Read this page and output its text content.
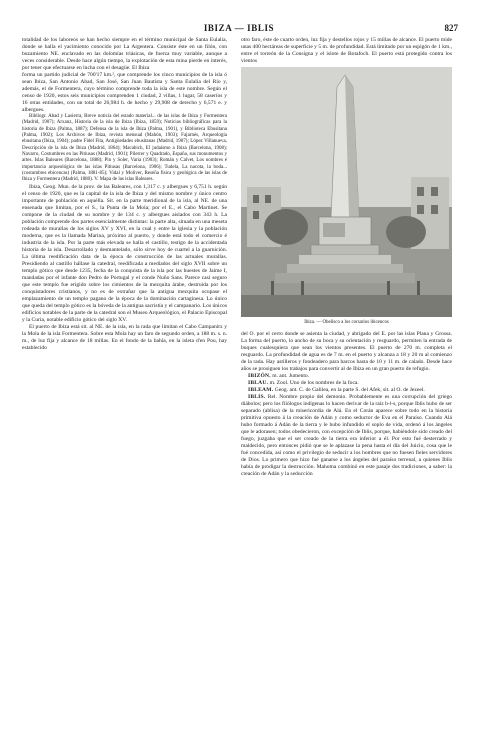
IBIZA — IBLIS	827

totalidad de los laboreos se han hecho siempre en el término municipal de Santa Eulalia, donde se halla el yacimiento conocido por La Argentera. Consiste éste en un filón, con buzamiento NE. enclavado en las dolomías triásicas, de fuerza muy variable, aunque a veces considerable. Desde hace algún tiempo, la explotación de esta mina pierde en interés, por tener que efectuarse en lucha con el desagüe. El Ibiza

forma un partido judicial de 700'17 km.², que comprende los cinco municipios de la isla ó sean Ibiza, San Antonio Abad, San José, San Juan Bautista y Santa Eulalia del Río y, además, el de Formentera, cuyo término comprende toda la isla de este nombre. Según el censo de 1920, estos seis municipios comprenden 1 ciudad, 2 villas, 1 lugar, 58 caseríos y 16 otras entidades, con un total de 26,984 h. de hecho y 29,908 de derecho y 6,571 e. y albergues.

Bibliogr. Abad y Lasierra, Breve noticia del estado material... de las islas de Ibiza y Formentera (Madrid, 1907); Arxanz, Historia de la isla de Ibiza (Ibiza, 1859); Noticias bibliográficas para la historia de Ibiza (Palma, 1887); Defensa de la isla de Ibiza (Palma, 1901), y Biblioteca Ebusitana (Palma, 1902); Los Archivos de Ibiza, revista mensual (Mahón, 1903); Fajarnés, Arqueología ebusitana (Ibiza, 1904); padre Fidel Fita, Antigüedades ebusitanas (Madrid, 1907); López Villanueva, Descripción de la isla de Ibiza (Madrid, 1864); Macabich, El judaísmo a Ibiza (Barcelona, 1908); Navarro, Costumbres en las Pitiusas (Madrid, 1901); Pilerrer y Quadrado, España, sus monumentos y artes. Islas Baleares (Barcelona, 1888); Pin y Soler, Varia (1903); Román y Calvet, Los nombres é importancia arqueológica de las islas Pitiusas (Barcelona, 1906); Tudela, La nacota, la boda... (costumbres ebicencas) (Palma, 1881-85); Vidal y Moliver, Reseña física y geológica de las islas de Ibiza y Formentera (Madrid, 1880). V. Mapa de las islas Baleares.

Ibiza, Geog. Mun. de la prov. de las Baleares, con 1,317 c. y albergues y 6,751 h. según el censo de 1920, que es la capital de la isla de Ibiza y del mismo nombre y único centro importante de población en aquélla. Sit. en la parte meridional de la isla, al NE. de una ensenada que limitan, por el S., la Punta de la Mola; por el E., el Cabo Martinet. Se compone de la ciudad de su nombre y de 134 c. y albergues aislados con 343 h. La población comprende dos partes esencialmente distintas: la parte alta, situada en una meseta rodeada de murallas de los siglos XV y XVI, en la cual y entre la iglesia y la población moderna, que es la llamada Marina, próximo al puerto, y donde está todo el comercio é industria de la isla. Por la parte más elevada se halla el castillo, testigo de la accidentada historia de la isla. Desarrollado y desmantelado, sólo sirve hoy de cuartel a la guarnición. La última reedificación data de la época de construcción de las actuales murallas. Presidiendo al castillo hállase la catedral, reedificada a mediados del siglo XVII sobre un templo gótico que desde 1235, fecha de la conquista de la isla por las huestes de Jaime I, mandadas por el infante don Pedro de Portugal y el conde Nuño Sans. Parece casi seguro que este templo fue erigido sobre los cimientos de la mezquita árabe, destruida por los conquistadores cristianos, y no es de extrañar que la antigua mezquita ocupase el emplazamiento de un templo pagano de la época de la dominación cartaginesa. Lo único que queda del templo gótico es la bóveda de la antigua sacristía y el campanario. Los únicos edificios notables de la parte de la catedral son el Museo Arqueológico, el Palacio Episcopal y la Curia, notable edificio gótico del siglo XV.

El puerto de Ibiza está sit. al NE. de la isla, en la rada que limitan el Cabo Campanitx y la Mola de la isla Formentera. Sobre esta Mola hay un faro de segundo orden, a 188 m. s. n. m., de luz fija y alcance de 18 millas. En el fondo de la bahía, en la isleta d'en Pou, hay establecido

otro faro, éste de cuarto orden, luz fija y destellos rojos y 15 millas de alcance. El puerto mide unas 400 hectáreas de superficie y 5 m. de profundidad. Está limitado por un espigón de 1 km., entre el torreón de la Consigna y el islote de Botafoch. El puerto está protegido contra los vientos

Ibiza. — Obelisco a los corsarios ibicencos

del O. por el cerro donde se asienta la ciudad, y abrigado del E. por las islas Plana y Grossa. La forma del puerto, lo ancho de su boca y su orientación y resguardo, permiten la entrada de buques cualesquiera que sean los vientos presentes. El puerto de 270 m. completa el resguardo. La profundidad de agua es de 7 m. en el puerto y alcanza a 18 y 20 m al comienzo de la rada. Hay astilleros y fondeadero para barcos hasta de 10 y 11 m. de calado. Desde hace años se prosiguen los trabajos para convertir al de Ibiza en un gran puerto de refugio.

IBIZÓN. m. ant. Jumento.

IBLAU. m. Zool. Uno de los nombres de la foca.

IBLEAM. Geog. ant. C. de Galilea, en la parte S. del Afek, sit. al O. de Jezeel.

IBLIS. Rel. Nombre propio del demonio. Probablemente es una corrupción del griego diábolos; pero los filólogos indígenas lo hacen derivar de la raíz b-l-s, porque Iblis hubo de ser separado (ablisa) de la misericordia de Alá. En el Corán aparece sobre todo en la historia primitiva opuesto á la creación de Adán y como seductor de Eva en el Paraíso. Cuando Alá hubo formado á Adán de la tierra y le hubo infundido el soplo de vida, ordenó á los ángeles que le adorasen; todos obedecieron, con excepción de Iblis, porque, habiéndole sido creado del fuego, juzgaba que el ser creado de la tierra era inferior a él. Por esto fué desterrado y maldecido, pero entonces pidió que se le aplazase la pena hasta el día del Juicio, cosa que le fué concedida, así como el privilegio de seducir a los hombres que no fuesen fieles servidores de Dios. Lo primero que hizo fué ganarse a los ángeles del paraíso terrenal, a quienes Iblis había de prodigar la destrucción. Mahoma combinó en este pasaje dos tradiciones, a saber: la creación de Adán y la seducción
